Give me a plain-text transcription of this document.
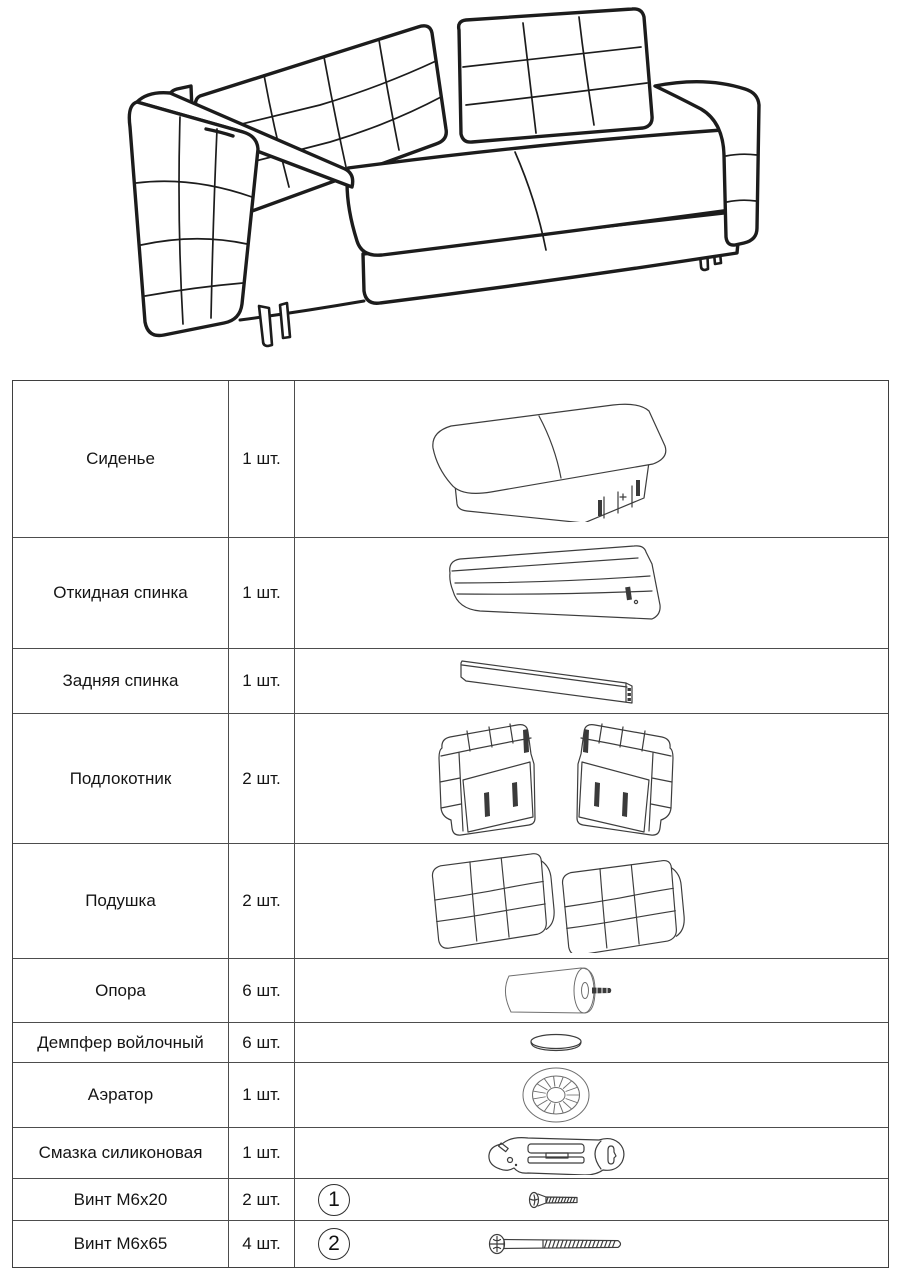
Сиденье	1 шт.
Откидная спинка	1 шт.
Задняя спинка	1 шт.
Подлокотник	2 шт.
Подушка	2 шт.
Опора	6 шт.
Демпфер войлочный 6 шт.
Аэратор	1 шт.
Смазка силиконовая 1 шт.
Винт М6х20	2 шт. 1
Винт М6х65	4 шт. 2
